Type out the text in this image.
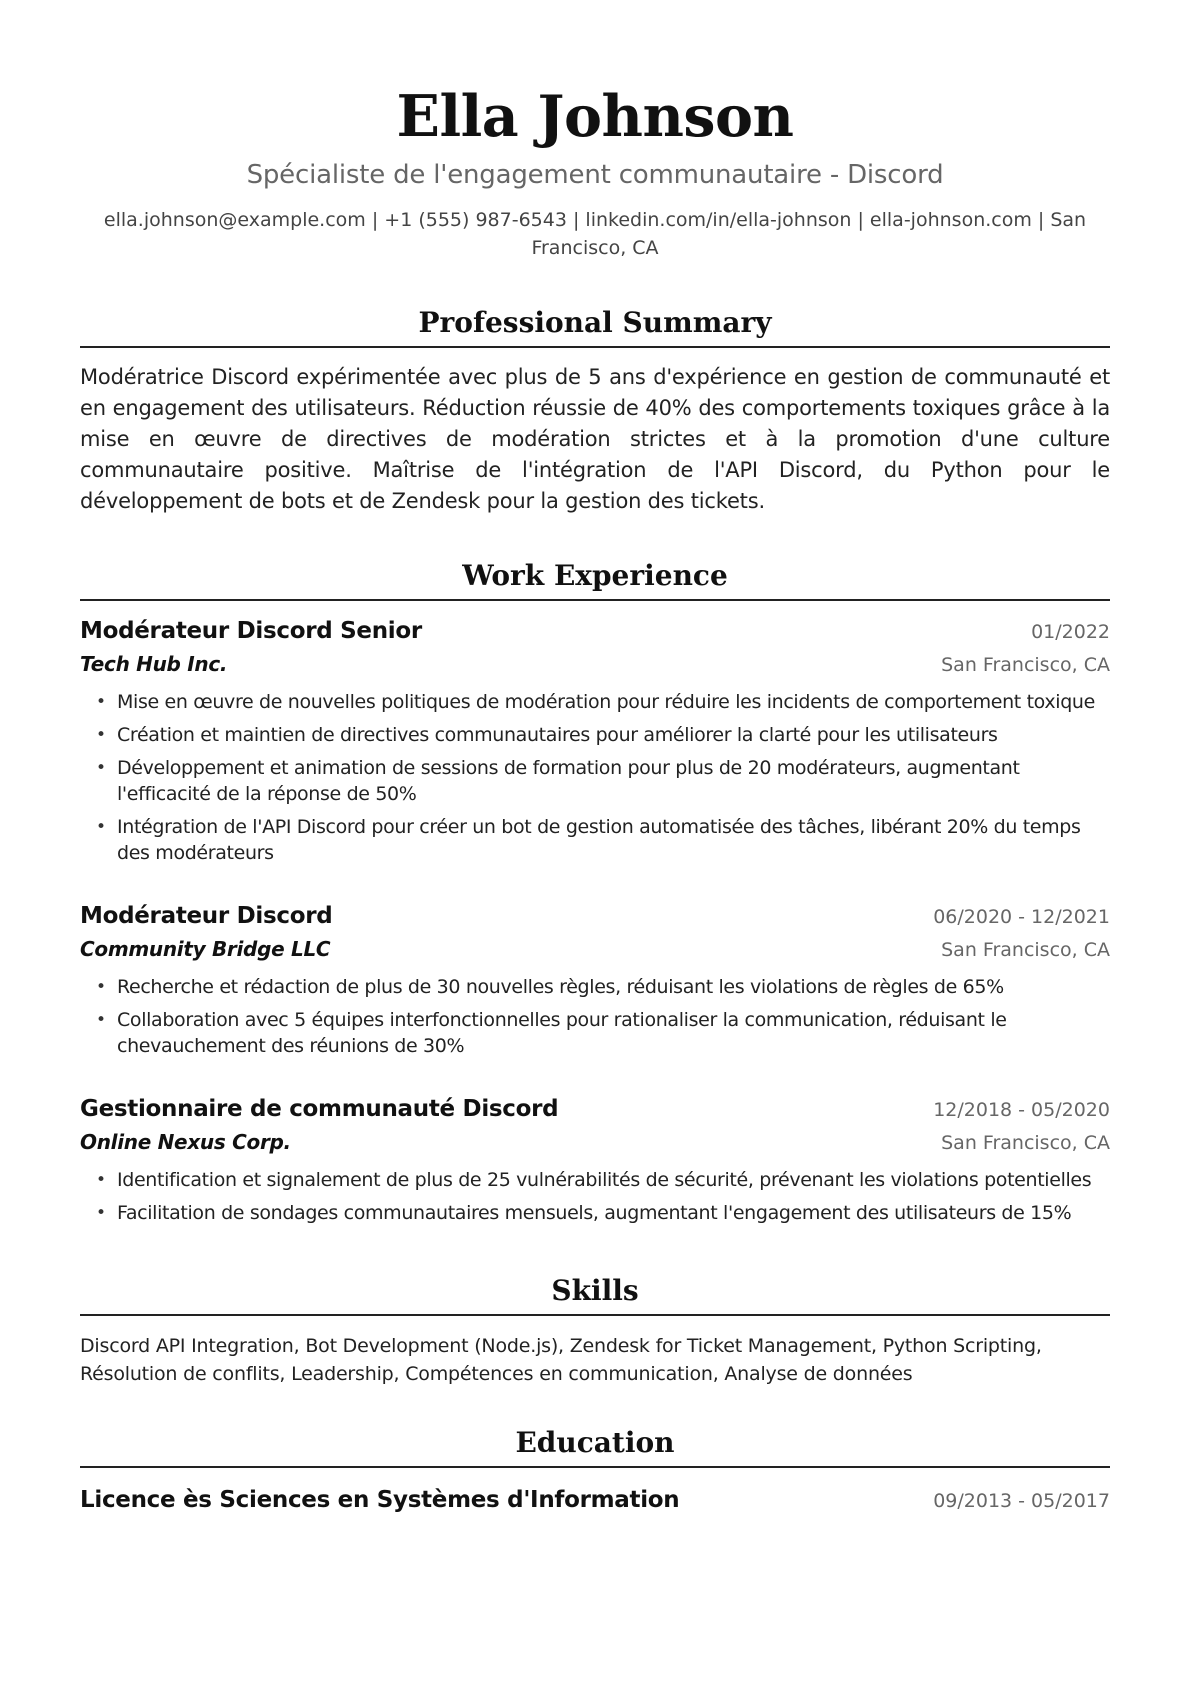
Ella Johnson
Spécialiste de l'engagement communautaire - Discord
ella.johnson@example.com | +1 (555) 987-6543 | linkedin.com/in/ella-johnson | ella-johnson.com | San Francisco, CA
Professional Summary

Modératrice Discord expérimentée avec plus de 5 ans d'expérience en gestion de communauté et en engagement des utilisateurs. Réduction réussie de 40% des comportements toxiques grâce à la mise en œuvre de directives de modération strictes et à la promotion d'une culture communautaire positive. Maîtrise de l'intégration de l'API Discord, du Python pour le développement de bots et de Zendesk pour la gestion des tickets.

Work Experience
Modérateur Discord Senior	01/2022
Tech Hub Inc.	San Francisco, CA
• Mise en œuvre de nouvelles politiques de modération pour réduire les incidents de comportement toxique
• Création et maintien de directives communautaires pour améliorer la clarté pour les utilisateurs
• Développement et animation de sessions de formation pour plus de 20 modérateurs, augmentant l'efficacité de la réponse de 50%
• Intégration de l'API Discord pour créer un bot de gestion automatisée des tâches, libérant 20% du temps des modérateurs
Modérateur Discord	06/2020 - 12/2021
Community Bridge LLC	San Francisco, CA
• Recherche et rédaction de plus de 30 nouvelles règles, réduisant les violations de règles de 65%
• Collaboration avec 5 équipes interfonctionnelles pour rationaliser la communication, réduisant le chevauchement des réunions de 30%
Gestionnaire de communauté Discord	12/2018 - 05/2020
Online Nexus Corp.	San Francisco, CA
• Identification et signalement de plus de 25 vulnérabilités de sécurité, prévenant les violations potentielles
• Facilitation de sondages communautaires mensuels, augmentant l'engagement des utilisateurs de 15%
Skills

Discord API Integration, Bot Development (Node.js), Zendesk for Ticket Management, Python Scripting, Résolution de conflits, Leadership, Compétences en communication, Analyse de données

Education
Licence ès Sciences en Systèmes d'Information	09/2013 - 05/2017
